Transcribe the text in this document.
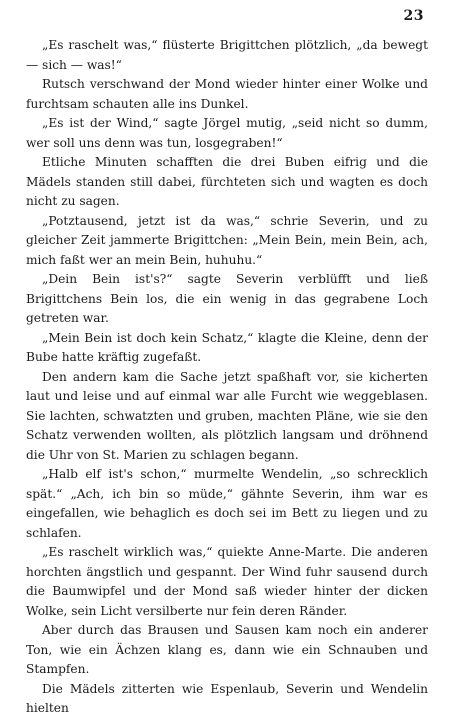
23

„Es raschelt was,“ flüsterte Brigittchen plötzlich, „da bewegt — sich — was!“

Rutsch verschwand der Mond wieder hinter einer Wolke und furchtsam schauten alle ins Dunkel.

„Es ist der Wind,“ sagte Jörgel mutig, „seid nicht so dumm, wer soll uns denn was tun, losgegraben!“

Etliche Minuten schafften die drei Buben eifrig und die Mädels standen still dabei, fürchteten sich und wagten es doch nicht zu sagen.

„Potztausend, jetzt ist da was,“ schrie Severin, und zu gleicher Zeit jammerte Brigittchen: „Mein Bein, mein Bein, ach, mich faßt wer an mein Bein, huhuhu.“

„Dein Bein ist's?“ sagte Severin verblüfft und ließ Brigittchens Bein los, die ein wenig in das gegrabene Loch getreten war.

„Mein Bein ist doch kein Schatz,“ klagte die Kleine, denn der Bube hatte kräftig zugefaßt.

Den andern kam die Sache jetzt spaßhaft vor, sie kicherten laut und leise und auf einmal war alle Furcht wie weggeblasen. Sie lachten, schwatzten und gruben, machten Pläne, wie sie den Schatz verwenden wollten, als plötzlich langsam und dröhnend die Uhr von St. Marien zu schlagen begann.

„Halb elf ist's schon,“ murmelte Wendelin, „so schrecklich spät.“ „Ach, ich bin so müde,“ gähnte Severin, ihm war es eingefallen, wie behaglich es doch sei im Bett zu liegen und zu schlafen.

„Es raschelt wirklich was,“ quiekte Anne-Marte. Die anderen horchten ängstlich und gespannt. Der Wind fuhr sausend durch die Baumwipfel und der Mond saß wieder hinter der dicken Wolke, sein Licht versilberte nur fein deren Ränder.

Aber durch das Brausen und Sausen kam noch ein anderer Ton, wie ein Ächzen klang es, dann wie ein Schnauben und Stampfen.

Die Mädels zitterten wie Espenlaub, Severin und Wendelin hielten
